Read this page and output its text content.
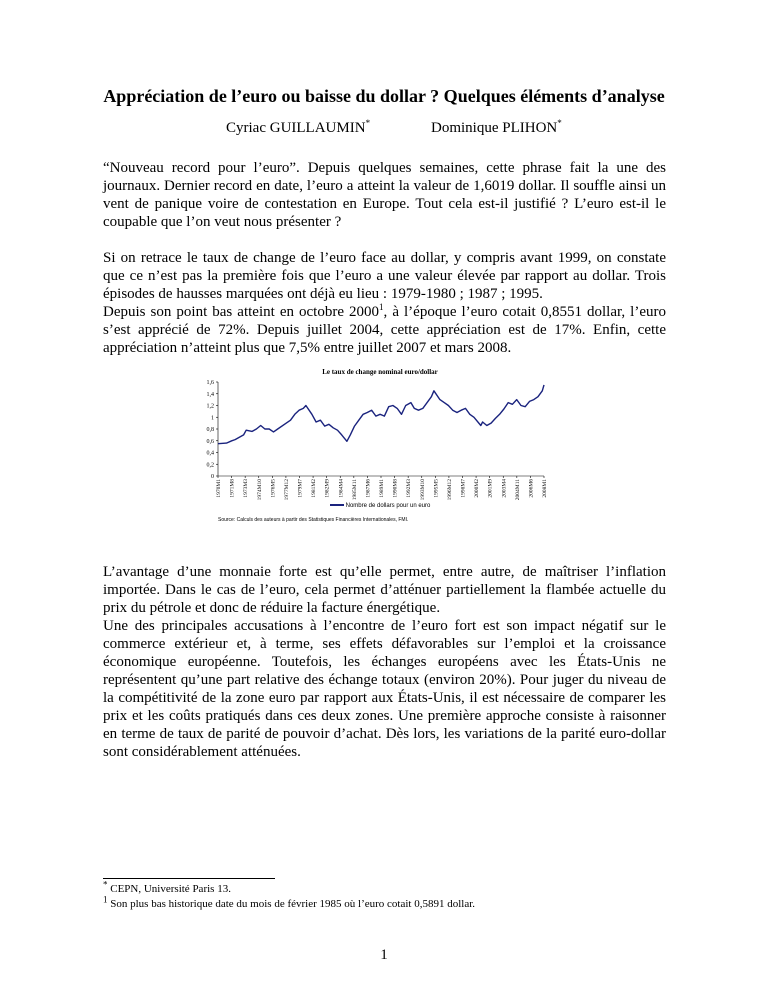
Appréciation de l’euro ou baisse du dollar ? Quelques éléments d’analyse
Cyriac GUILLAUMIN*	Dominique PLIHON*

“Nouveau record pour l’euro”. Depuis quelques semaines, cette phrase fait la une des journaux. Dernier record en date, l’euro a atteint la valeur de 1,6019 dollar. Il souffle ainsi un vent de panique voire de contestation en Europe. Tout cela est-il justifié ? L’euro est-il le coupable que l’on veut nous présenter ?

Si on retrace le taux de change de l’euro face au dollar, y compris avant 1999, on constate que ce n’est pas la première fois que l’euro a une valeur élevée par rapport au dollar. Trois épisodes de hausses marquées ont déjà eu lieu : 1979-1980 ; 1987 ; 1995.

Depuis son point bas atteint en octobre 2000$^1$, à l’époque l’euro cotait 0,8551 dollar, l’euro s’est apprécié de 72%. Depuis juillet 2004, cette appréciation est de 17%. Enfin, cette appréciation n’atteint plus que 7,5% entre juillet 2007 et mars 2008.

Le taux de change nominal euro/dollar
0
0,2
0,4
0,6
0,8
1
1,2
1,4
1,6
1970M1 1971M8 1973M3 1974M10 1976M5 1977M12 1979M7 1981M2 1982M9 1984M4 1985M11 1987M6 1989M1 1990M8 1992M3 1993M10 1995M5 1996M12 1998M7 2000M2 2001M9 2003M4 2004M11 2006M6 2008M1
Nombre de dollars pour un euro
Source: Calculs des auteurs à partir des Statistiques Financières Internationales, FMI.

L’avantage d’une monnaie forte est qu’elle permet, entre autre, de maîtriser l’inflation importée. Dans le cas de l’euro, cela permet d’atténuer partiellement la flambée actuelle du prix du pétrole et donc de réduire la facture énergétique.

Une des principales accusations à l’encontre de l’euro fort est son impact négatif sur le commerce extérieur et, à terme, ses effets défavorables sur l’emploi et la croissance économique européenne. Toutefois, les échanges européens avec les États-Unis ne représentent qu’une part relative des échange totaux (environ 20%). Pour juger du niveau de la compétitivité de la zone euro par rapport aux États-Unis, il est nécessaire de comparer les prix et les coûts pratiqués dans ces deux zones. Une première approche consiste à raisonner en terme de taux de parité de pouvoir d’achat. Dès lors, les variations de la parité euro-dollar sont considérablement atténuées.

* CEPN, Université Paris 13.
$^1$ Son plus bas historique date du mois de février 1985 où l’euro cotait 0,5891 dollar.
1
